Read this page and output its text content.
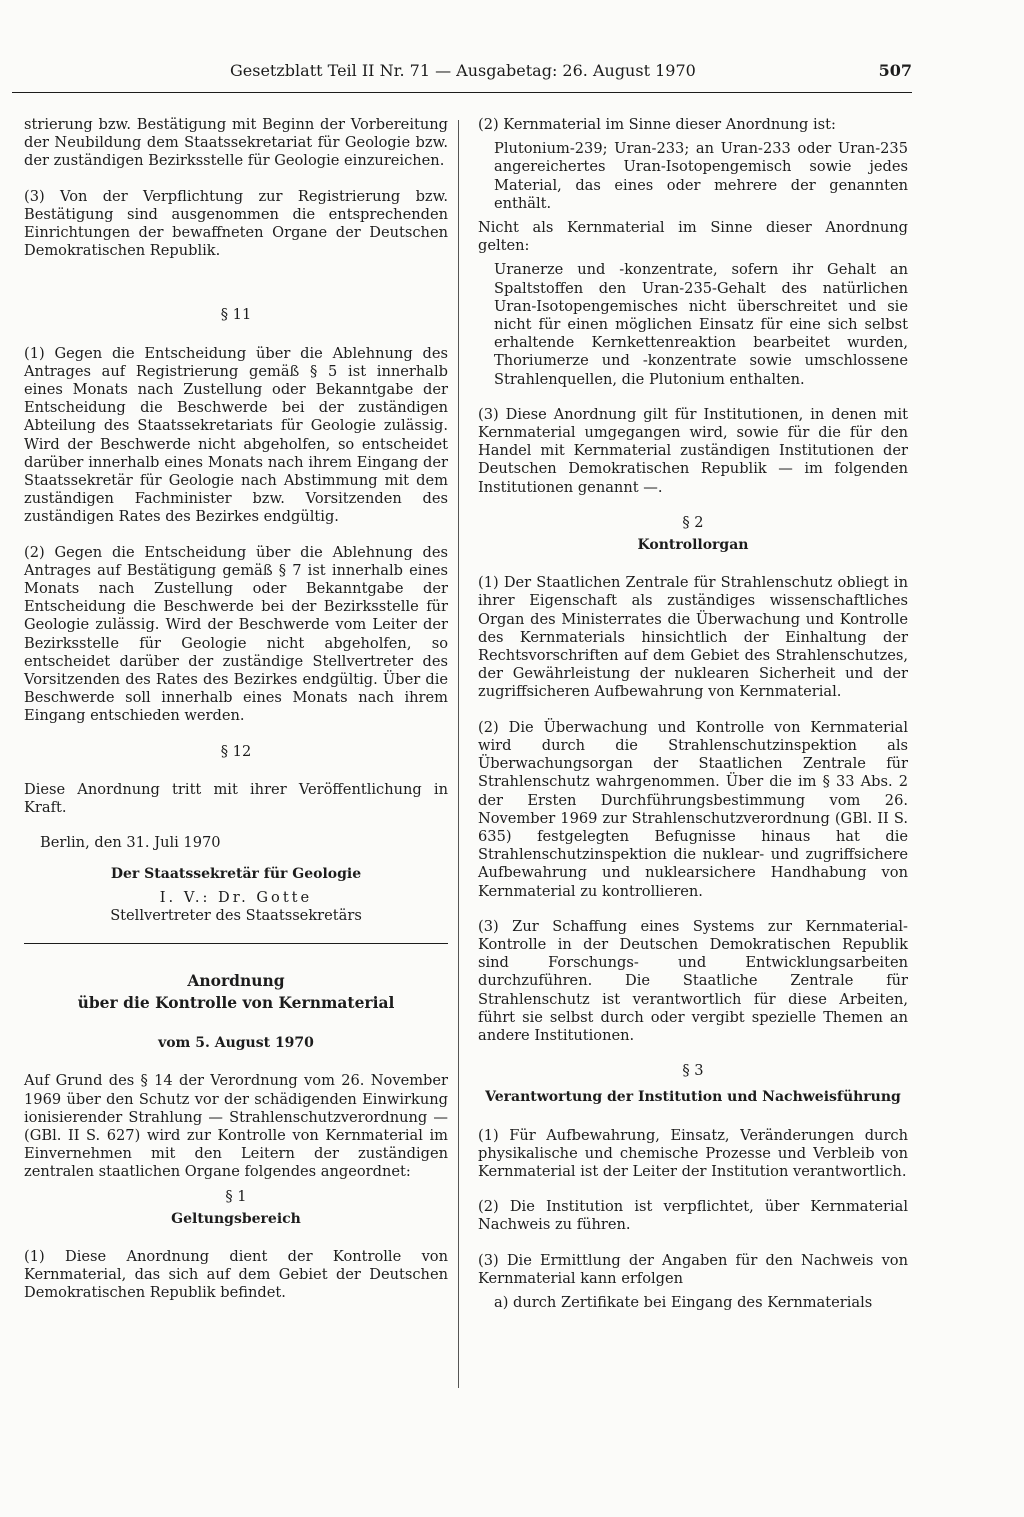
Gesetzblatt Teil II Nr. 71 — Ausgabetag: 26. August 1970	507

strierung bzw. Bestätigung mit Beginn der Vorbereitung der Neubildung dem Staatssekretariat für Geologie bzw. der zuständigen Bezirksstelle für Geologie einzureichen.

(3) Von der Verpflichtung zur Registrierung bzw. Bestätigung sind ausgenommen die entsprechenden Einrichtungen der bewaffneten Organe der Deutschen Demokratischen Republik.

§ 11

(1) Gegen die Entscheidung über die Ablehnung des Antrages auf Registrierung gemäß § 5 ist innerhalb eines Monats nach Zustellung oder Bekanntgabe der Entscheidung die Beschwerde bei der zuständigen Abteilung des Staatssekretariats für Geologie zulässig. Wird der Beschwerde nicht abgeholfen, so entscheidet darüber innerhalb eines Monats nach ihrem Eingang der Staatssekretär für Geologie nach Abstimmung mit dem zuständigen Fachminister bzw. Vorsitzenden des zuständigen Rates des Bezirkes endgültig.

(2) Gegen die Entscheidung über die Ablehnung des Antrages auf Bestätigung gemäß § 7 ist innerhalb eines Monats nach Zustellung oder Bekanntgabe der Entscheidung die Beschwerde bei der Bezirksstelle für Geologie zulässig. Wird der Beschwerde vom Leiter der Bezirksstelle für Geologie nicht abgeholfen, so entscheidet darüber der zuständige Stellvertreter des Vorsitzenden des Rates des Bezirkes endgültig. Über die Beschwerde soll innerhalb eines Monats nach ihrem Eingang entschieden werden.

§ 12

Diese Anordnung tritt mit ihrer Veröffentlichung in Kraft.

Berlin, den 31. Juli 1970

Der Staatssekretär für Geologie
I. V.: Dr. Gotte
Stellvertreter des Staatssekretärs
Anordnung
über die Kontrolle von Kernmaterial
vom 5. August 1970

Auf Grund des § 14 der Verordnung vom 26. November 1969 über den Schutz vor der schädigenden Einwirkung ionisierender Strahlung — Strahlenschutzverordnung — (GBl. II S. 627) wird zur Kontrolle von Kernmaterial im Einvernehmen mit den Leitern der zuständigen zentralen staatlichen Organe folgendes angeordnet:

§ 1
Geltungsbereich

(1) Diese Anordnung dient der Kontrolle von Kernmaterial, das sich auf dem Gebiet der Deutschen Demokratischen Republik befindet.

(2) Kernmaterial im Sinne dieser Anordnung ist:

Plutonium-239; Uran-233; an Uran-233 oder Uran-235 angereichertes Uran-Isotopengemisch sowie jedes Material, das eines oder mehrere der genannten enthält.

Nicht als Kernmaterial im Sinne dieser Anordnung gelten:

Uranerze und -konzentrate, sofern ihr Gehalt an Spaltstoffen den Uran-235-Gehalt des natürlichen Uran-Isotopengemisches nicht überschreitet und sie nicht für einen möglichen Einsatz für eine sich selbst erhaltende Kernkettenreaktion bearbeitet wurden, Thoriumerze und -konzentrate sowie umschlossene Strahlenquellen, die Plutonium enthalten.

(3) Diese Anordnung gilt für Institutionen, in denen mit Kernmaterial umgegangen wird, sowie für die für den Handel mit Kernmaterial zuständigen Institutionen der Deutschen Demokratischen Republik — im folgenden Institutionen genannt —.

§ 2
Kontrollorgan

(1) Der Staatlichen Zentrale für Strahlenschutz obliegt in ihrer Eigenschaft als zuständiges wissenschaftliches Organ des Ministerrates die Überwachung und Kontrolle des Kernmaterials hinsichtlich der Einhaltung der Rechtsvorschriften auf dem Gebiet des Strahlenschutzes, der Gewährleistung der nuklearen Sicherheit und der zugriffsicheren Aufbewahrung von Kernmaterial.

(2) Die Überwachung und Kontrolle von Kernmaterial wird durch die Strahlenschutzinspektion als Überwachungsorgan der Staatlichen Zentrale für Strahlenschutz wahrgenommen. Über die im § 33 Abs. 2 der Ersten Durchführungsbestimmung vom 26. November 1969 zur Strahlenschutzverordnung (GBl. II S. 635) festgelegten Befugnisse hinaus hat die Strahlenschutzinspektion die nuklear- und zugriffsichere Aufbewahrung und nuklearsichere Handhabung von Kernmaterial zu kontrollieren.

(3) Zur Schaffung eines Systems zur Kernmaterial-Kontrolle in der Deutschen Demokratischen Republik sind Forschungs- und Entwicklungsarbeiten durchzuführen. Die Staatliche Zentrale für Strahlenschutz ist verantwortlich für diese Arbeiten, führt sie selbst durch oder vergibt spezielle Themen an andere Institutionen.

§ 3
Verantwortung der Institution und Nachweisführung

(1) Für Aufbewahrung, Einsatz, Veränderungen durch physikalische und chemische Prozesse und Verbleib von Kernmaterial ist der Leiter der Institution verantwortlich.

(2) Die Institution ist verpflichtet, über Kernmaterial Nachweis zu führen.

(3) Die Ermittlung der Angaben für den Nachweis von Kernmaterial kann erfolgen

a) durch Zertifikate bei Eingang des Kernmaterials
